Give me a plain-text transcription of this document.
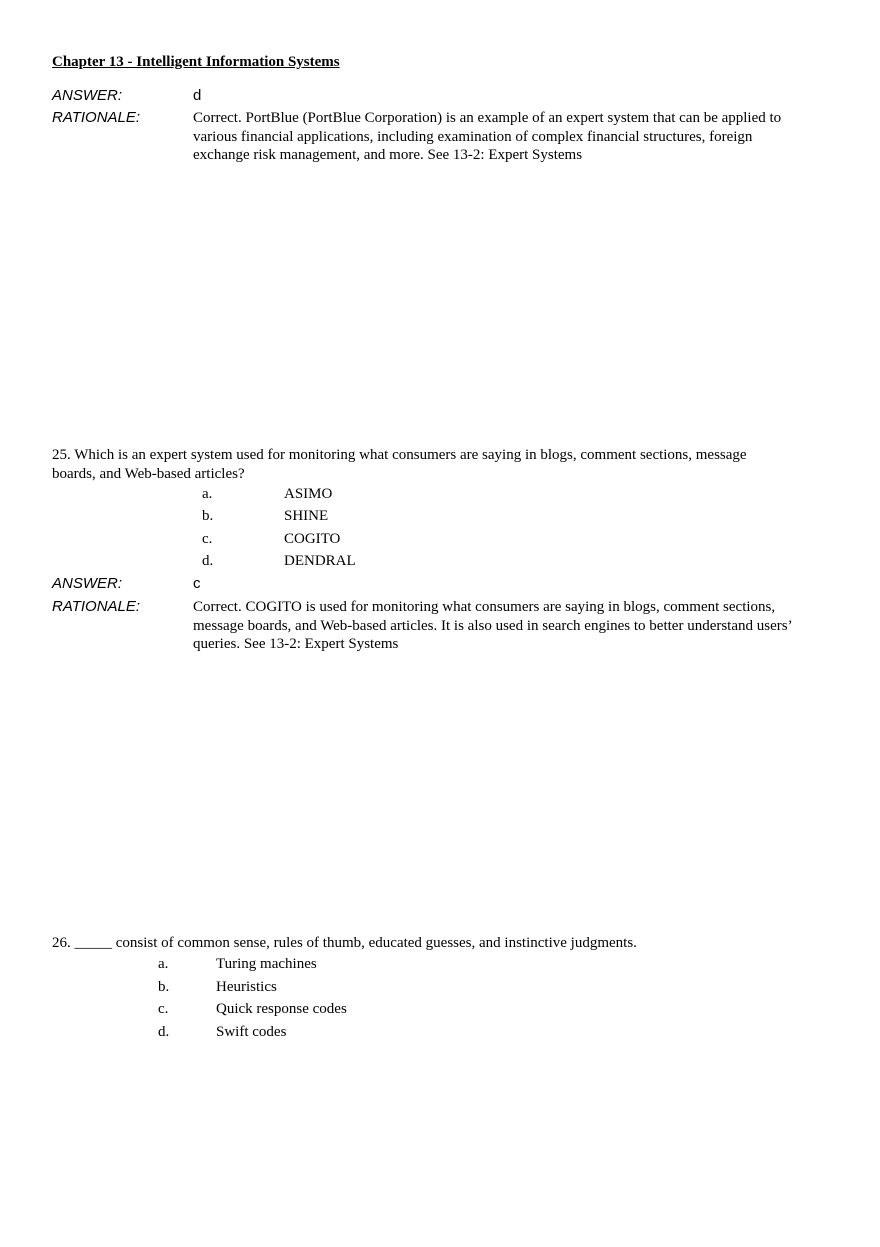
Chapter 13 - Intelligent Information Systems
ANSWER:	d
RATIONALE:	Correct. PortBlue (PortBlue Corporation) is an example of an expert system that can be applied to
various financial applications, including examination of complex financial structures, foreign
exchange risk management, and more. See 13-2: Expert Systems
25. Which is an expert system used for monitoring what consumers are saying in blogs, comment sections, message
boards, and Web-based articles?
a.	ASIMO
b.	SHINE
c.	COGITO
d.	DENDRAL
ANSWER:	c
RATIONALE:	Correct. COGITO is used for monitoring what consumers are saying in blogs, comment sections,
message boards, and Web-based articles. It is also used in search engines to better understand users’
queries. See 13-2: Expert Systems
26. _____ consist of common sense, rules of thumb, educated guesses, and instinctive judgments.
a.	Turing machines
b.	Heuristics
c.	Quick response codes
d.	Swift codes
